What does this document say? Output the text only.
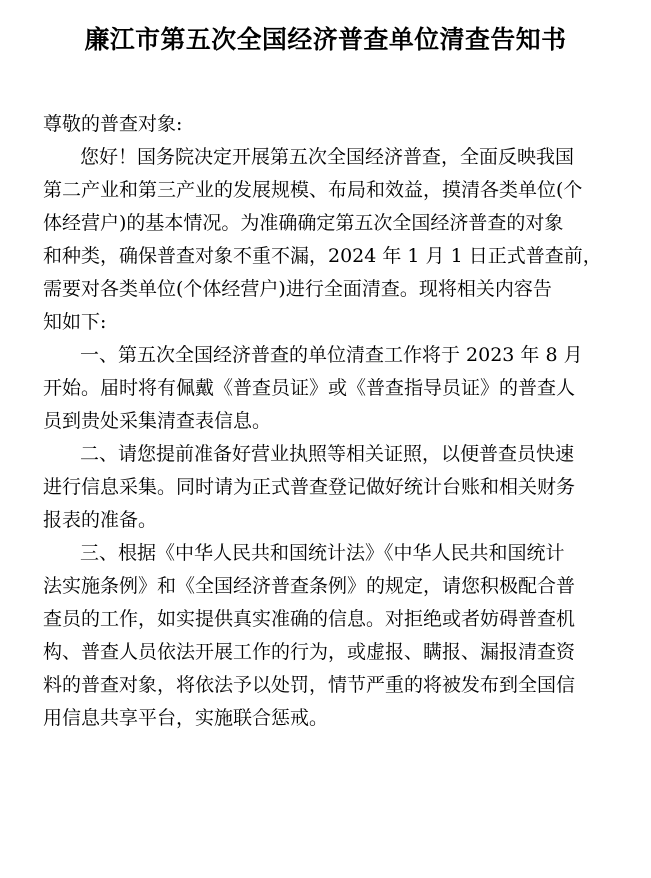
廉江市第五次全国经济普查单位清查告知书
尊敬的普查对象:
您好！国务院决定开展第五次全国经济普查，全面反映我国
第二产业和第三产业的发展规模、布局和效益，摸清各类单位(个
体经营户)的基本情况。为准确确定第五次全国经济普查的对象
和种类，确保普查对象不重不漏，2024 年 1 月 1 日正式普查前，
需要对各类单位(个体经营户)进行全面清查。现将相关内容告
知如下:
一、第五次全国经济普查的单位清查工作将于 2023 年 8 月
开始。届时将有佩戴《普查员证》或《普查指导员证》的普查人
员到贵处采集清查表信息。
二、请您提前准备好营业执照等相关证照，以便普查员快速
进行信息采集。同时请为正式普查登记做好统计台账和相关财务
报表的准备。
三、根据《中华人民共和国统计法》《中华人民共和国统计
法实施条例》和《全国经济普查条例》的规定，请您积极配合普
查员的工作，如实提供真实准确的信息。对拒绝或者妨碍普查机
构、普查人员依法开展工作的行为，或虚报、瞒报、漏报清查资
料的普查对象，将依法予以处罚，情节严重的将被发布到全国信
用信息共享平台，实施联合惩戒。
